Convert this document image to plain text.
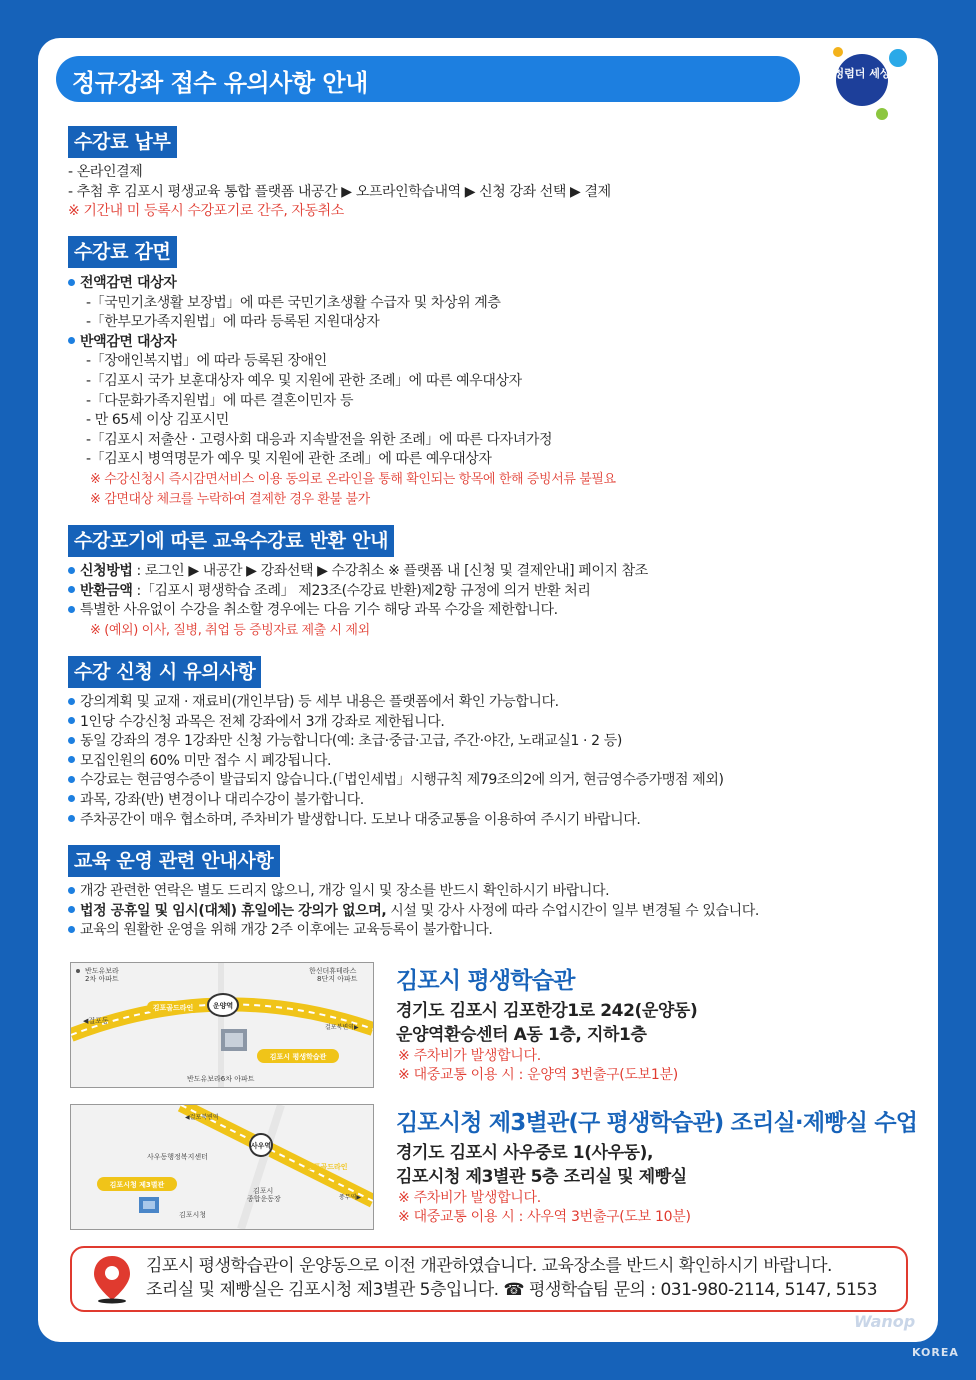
정규강좌 접수 유의사항 안내	청렴더 세상
수강료 납부
- 온라인결제
- 추첨 후 김포시 평생교육 통합 플랫폼 내공간 ▶ 오프라인학습내역 ▶ 신청 강좌 선택 ▶ 결제
※ 기간내 미 등록시 수강포기로 간주, 자동취소
수강료 감면
전액감면 대상자
-「국민기초생활 보장법」에 따른 국민기초생활 수급자 및 차상위 계층
-「한부모가족지원법」에 따라 등록된 지원대상자
반액감면 대상자
-「장애인복지법」에 따라 등록된 장애인
-「김포시 국가 보훈대상자 예우 및 지원에 관한 조례」에 따른 예우대상자
-「다문화가족지원법」에 따른 결혼이민자 등
- 만 65세 이상 김포시민
-「김포시 저출산 · 고령사회 대응과 지속발전을 위한 조례」에 따른 다자녀가정
-「김포시 병역명문가 예우 및 지원에 관한 조례」에 따른 예우대상자
※ 수강신청시 즉시감면서비스 이용 동의로 온라인을 통해 확인되는 항목에 한해 증빙서류 불필요
※ 감면대상 체크를 누락하여 결제한 경우 환불 불가
수강포기에 따른 교육수강료 반환 안내
신청방법 : 로그인 ▶ 내공간 ▶ 강좌선택 ▶ 수강취소 ※ 플랫폼 내 [신청 및 결제안내] 페이지 참조
반환금액 :「김포시 평생학습 조례」 제23조(수강료 반환)제2항 규정에 의거 반환 처리
특별한 사유없이 수강을 취소할 경우에는 다음 기수 해당 과목 수강을 제한합니다.
※ (예외) 이사, 질병, 취업 등 증빙자료 제출 시 제외
수강 신청 시 유의사항
강의계획 및 교재 · 재료비(개인부담) 등 세부 내용은 플랫폼에서 확인 가능합니다.
1인당 수강신청 과목은 전체 강좌에서 3개 강좌로 제한됩니다.
동일 강좌의 경우 1강좌만 신청 가능합니다(예: 초급·중급·고급, 주간·야간, 노래교실1 · 2 등)
모집인원의 60% 미만 접수 시 폐강됩니다.
수강료는 현금영수증이 발급되지 않습니다.(「법인세법」시행규칙 제79조의2에 의거, 현금영수증가맹점 제외)
과목, 강좌(반) 변경이나 대리수강이 불가합니다.
주차공간이 매우 협소하며, 주차비가 발생합니다. 도보나 대중교통을 이용하여 주시기 바랍니다.
교육 운영 관련 안내사항
개강 관련한 연락은 별도 드리지 않으니, 개강 일시 및 장소를 반드시 확인하시기 바랍니다.
법정 공휴일 및 임시(대체) 휴일에는 강의가 없으며, 시설 및 강사 사정에 따라 수업시간이 일부 변경될 수 있습니다.
교육의 원활한 운영을 위해 개강 2주 이후에는 교육등록이 불가합니다.
운양역
반도유보라
2차 아파트
한신더휴테라스
8단지 아파트
김포골드라인
◀걸포동
걸포북변역▶
김포시 평생학습관
반도유보라6차 아파트
김포시 평생학습관
경기도 김포시 김포한강1로 242(운양동)
운양역환승센터 A동 1층, 지하1층
※ 주차비가 발생합니다.
※ 대중교통 이용 시 : 운양역 3번출구(도보1분)
사우역
◀걸포북변역
사우동행정복지센터
김포골드라인
김포시청 제3별관
김포시
종합운동장
김포시청
풍무역▶
김포시청 제3별관(구 평생학습관) 조리실·제빵실 수업
경기도 김포시 사우중로 1(사우동),
김포시청 제3별관 5층 조리실 및 제빵실
※ 주차비가 발생합니다.
※ 대중교통 이용 시 : 사우역 3번출구(도보 10분)
김포시 평생학습관이 운양동으로 이전 개관하였습니다. 교육장소를 반드시 확인하시기 바랍니다.
조리실 및 제빵실은 김포시청 제3별관 5층입니다. ☎ 평생학습팀 문의 : 031-980-2114, 5147, 5153
Wanop
KOREA
